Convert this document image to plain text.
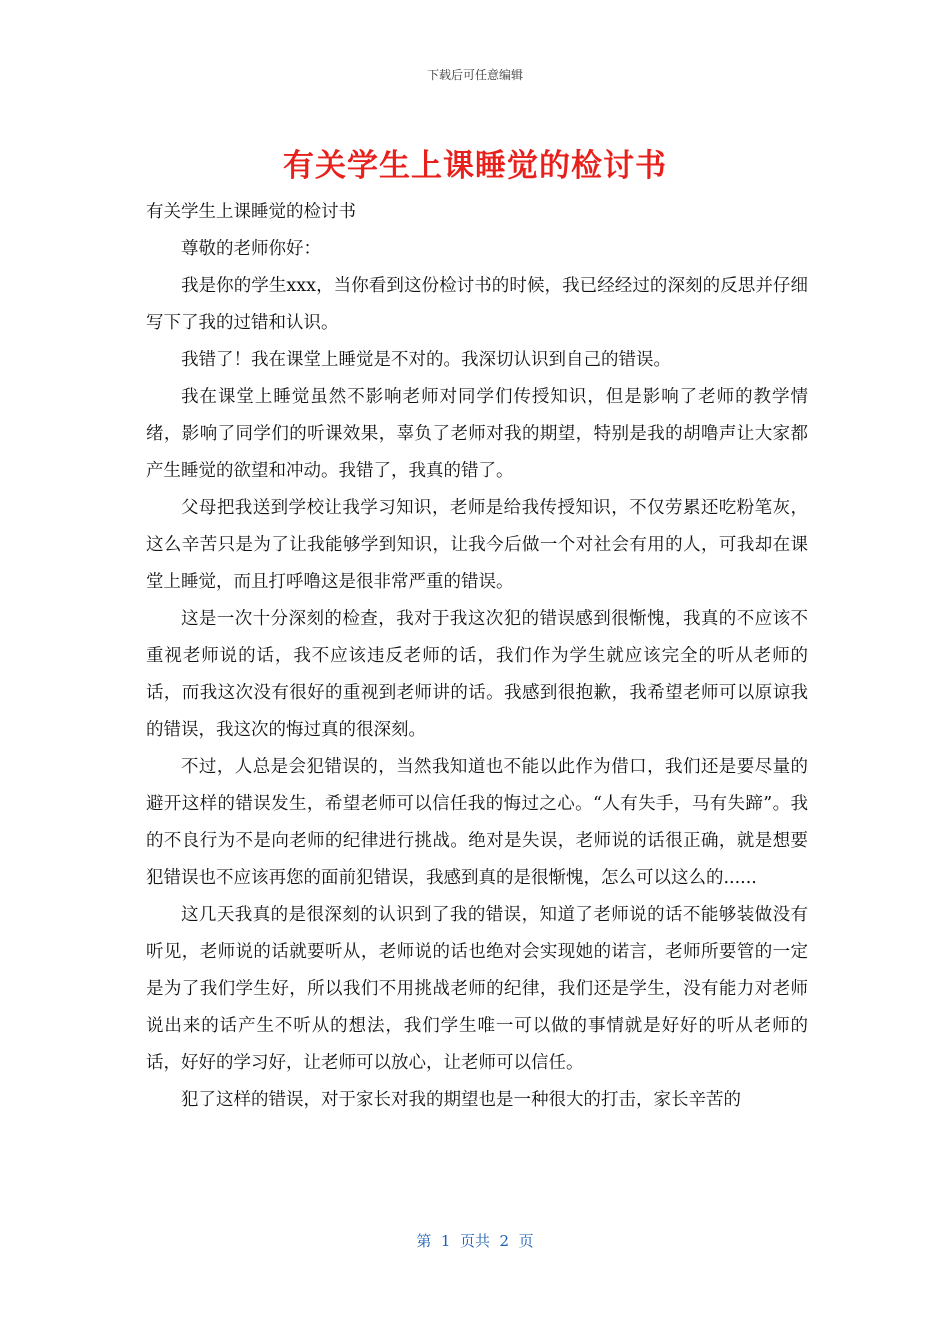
下载后可任意编辑
有关学生上课睡觉的检讨书

有关学生上课睡觉的检讨书

尊敬的老师你好：

我是你的学生xxx，当你看到这份检讨书的时候，我已经经过的深刻的反思并仔细写下了我的过错和认识。

我错了！我在课堂上睡觉是不对的。我深切认识到自己的错误。

我在课堂上睡觉虽然不影响老师对同学们传授知识，但是影响了老师的教学情绪，影响了同学们的听课效果，辜负了老师对我的期望，特别是我的胡噜声让大家都产生睡觉的欲望和冲动。我错了，我真的错了。

父母把我送到学校让我学习知识，老师是给我传授知识，不仅劳累还吃粉笔灰，这么辛苦只是为了让我能够学到知识，让我今后做一个对社会有用的人，可我却在课堂上睡觉，而且打呼噜这是很非常严重的错误。

这是一次十分深刻的检查，我对于我这次犯的错误感到很惭愧，我真的不应该不重视老师说的话，我不应该违反老师的话，我们作为学生就应该完全的听从老师的话，而我这次没有很好的重视到老师讲的话。我感到很抱歉，我希望老师可以原谅我的错误，我这次的悔过真的很深刻。

不过，人总是会犯错误的，当然我知道也不能以此作为借口，我们还是要尽量的避开这样的错误发生，希望老师可以信任我的悔过之心。“人有失手，马有失蹄”。我的不良行为不是向老师的纪律进行挑战。绝对是失误，老师说的话很正确，就是想要犯错误也不应该再您的面前犯错误，我感到真的是很惭愧，怎么可以这么的......

这几天我真的是很深刻的认识到了我的错误，知道了老师说的话不能够装做没有听见，老师说的话就要听从，老师说的话也绝对会实现她的诺言，老师所要管的一定是为了我们学生好，所以我们不用挑战老师的纪律，我们还是学生，没有能力对老师说出来的话产生不听从的想法，我们学生唯一可以做的事情就是好好的听从老师的话，好好的学习好，让老师可以放心，让老师可以信任。

犯了这样的错误，对于家长对我的期望也是一种很大的打击，家长辛苦的

第  1  页共  2  页
